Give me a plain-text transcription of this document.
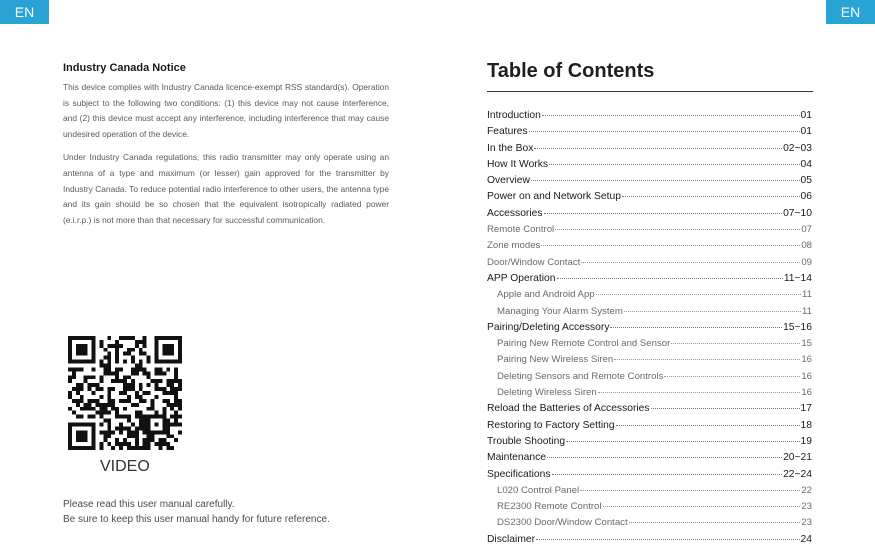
EN	EN
Industry Canada Notice

This device complies with Industry Canada licence-exempt RSS standard(s). Operation is subject to the following two conditions: (1) this device may not cause interference, and (2) this device must accept any interference, including interference that may cause undesired operation of the device.

Under Industry Canada regulations, this radio transmitter may only operate using an antenna of a type and maximum (or lesser) gain approved for the transmitter by Industry Canada. To reduce potential radio interference to other users, the antenna type and its gain should be so chosen that the equivalent isotropically radiated power (e.i.r.p.) is not more than that necessary for successful communication.

VIDEO
Please read this user manual carefully.
Be sure to keep this user manual handy for future reference.
Table of Contents
Introduction	01
Features	01
In the Box	02~03
How It Works	04
Overview	05
Power on and Network Setup	06
Accessories	07~10
Remote Control	07
Zone modes	08
Door/Window Contact	09
APP Operation	11~14
Apple and Android App	11
Managing Your Alarm System	11
Pairing/Deleting Accessory	15~16
Pairing New Remote Control and Sensor	15
Pairing New Wireless Siren	16
Deleting Sensors and Remote Controls	16
Deleting Wireless Siren	16
Reload the Batteries of Accessories	17
Restoring to Factory Setting	18
Trouble Shooting	19
Maintenance	20~21
Specifications	22~24
L020 Control Panel	22
RE2300 Remote Control	23
DS2300 Door/Window Contact	23
Disclaimer	24
